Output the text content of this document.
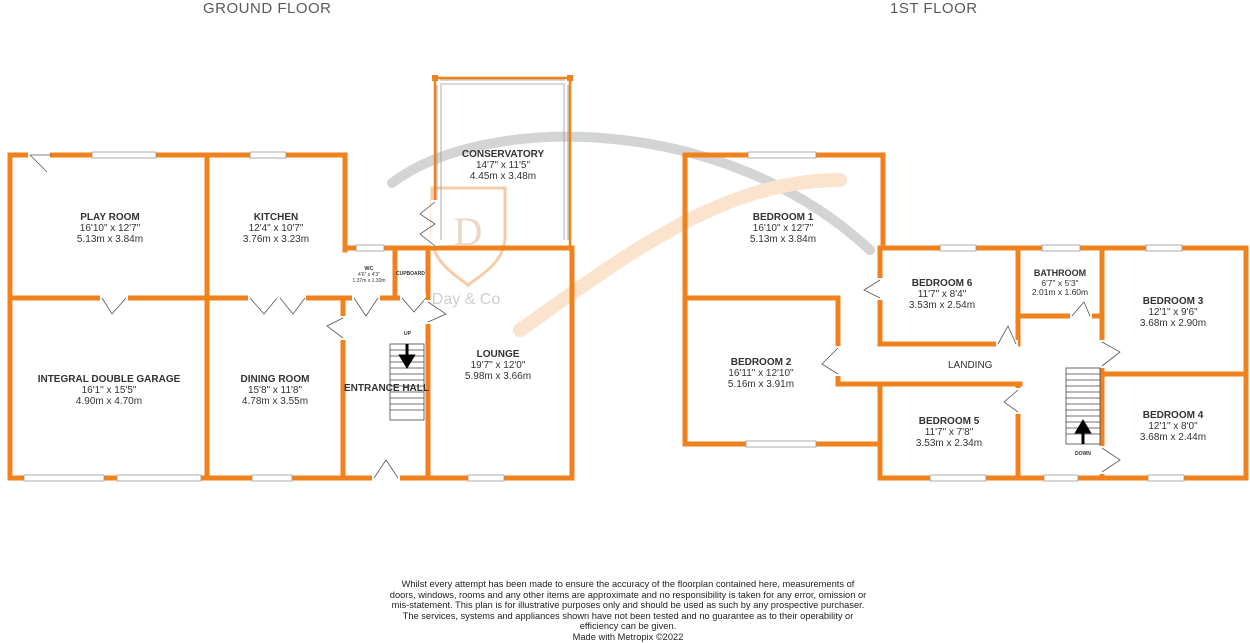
GROUND FLOOR	1ST FLOOR
D
Day & Co
PLAY ROOM
16'10" x 12'7"
5.13m x 3.84m
KITCHEN
12'4" x 10'7"
3.76m x 3.23m
CONSERVATORY
14'7" x 11'5"
4.45m x 3.48m
WC
4'6" x 4'3"
1.37m x 1.30m
CUPBOARD
INTEGRAL DOUBLE GARAGE
16'1" x 15'5"
4.90m x 4.70m
DINING ROOM
15'8" x 11'8"
4.78m x 3.55m
LOUNGE
19'7" x 12'0"
5.98m x 3.66m
ENTRANCE HALL
UP
BEDROOM 1
16'10" x 12'7"
5.13m x 3.84m
BEDROOM 6
11'7" x 8'4"
3.53m x 2.54m
BATHROOM
6'7" x 5'3"
2.01m x 1.60m
BEDROOM 3
12'1" x 9'6"
3.68m x 2.90m
BEDROOM 2
16'11" x 12'10"
5.16m x 3.91m
BEDROOM 5
11'7" x 7'8"
3.53m x 2.34m
BEDROOM 4
12'1" x 8'0"
3.68m x 2.44m
LANDING
DOWN
Whilst every attempt has been made to ensure the accuracy of the floorplan contained here, measurements of doors, windows, rooms and any other items are approximate and no responsibility is taken for any error, omission or mis-statement. This plan is for illustrative purposes only and should be used as such by any prospective purchaser. The services, systems and appliances shown have not been tested and no guarantee as to their operability or efficiency can be given.
Made with Metropix ©2022
